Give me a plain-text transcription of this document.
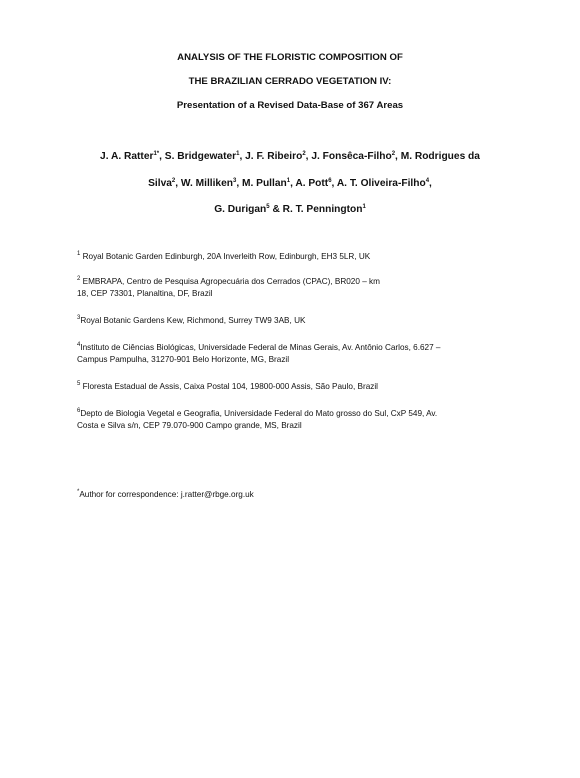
ANALYSIS OF THE FLORISTIC COMPOSITION OF
THE BRAZILIAN CERRADO VEGETATION IV:
Presentation of a Revised Data-Base of 367 Areas
J. A. Ratter$^{1*}$, S. Bridgewater$^1$, J. F. Ribeiro$^2$, J. Fonsêca-Filho$^2$, M. Rodrigues da
Silva$^2$, W. Milliken$^3$, M. Pullan$^1$, A. Pott$^6$, A. T. Oliveira-Filho$^4$,
G. Durigan$^5$ & R. T. Pennington$^1$
$^1$ Royal Botanic Garden Edinburgh, 20A Inverleith Row, Edinburgh, EH3 5LR, UK
$^2$ EMBRAPA, Centro de Pesquisa Agropecuária dos Cerrados (CPAC), BR020 – km
18, CEP 73301, Planaltina, DF, Brazil
$^3$Royal Botanic Gardens Kew, Richmond, Surrey TW9 3AB, UK
$^4$Instituto de Ciências Biológicas, Universidade Federal de Minas Gerais, Av. Antônio Carlos, 6.627 –
Campus Pampulha, 31270-901 Belo Horizonte, MG, Brazil
$^5$ Floresta Estadual de Assis, Caixa Postal 104, 19800-000 Assis, São Paulo, Brazil
$^6$Depto de Biologia Vegetal e Geografia, Universidade Federal do Mato grosso do Sul, CxP 549, Av.
Costa e Silva s/n, CEP 79.070-900 Campo grande, MS, Brazil
*Author for correspondence: j.ratter@rbge.org.uk
